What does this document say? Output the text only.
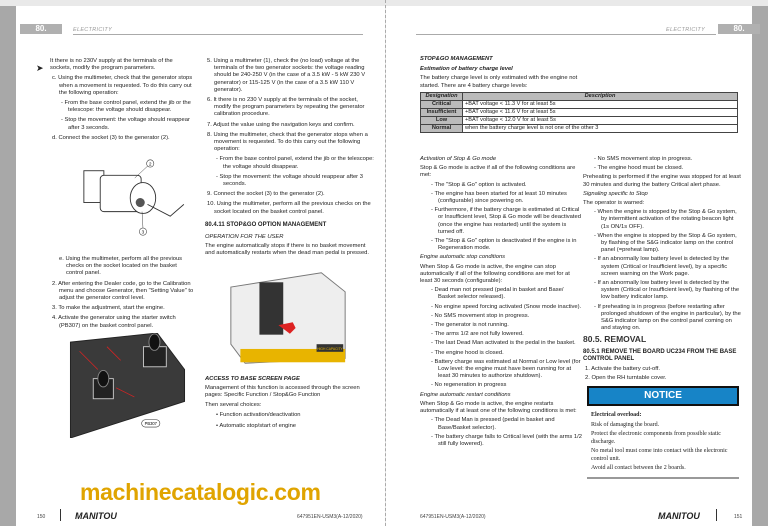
80.	ELECTRICITY

It there is no 230V supply at the terminals of the sockets, modify the program parameters.

c. Using the multimeter, check that the generator stops when a movement is requested. To do this carry out the following operation:

- From the base control panel, extend the jib or the telescope: the voltage should disappear.

- Stop the movement: the voltage should reappear after 3 seconds.

d. Connect the socket (3) to the generator (2).

2
3

e. Using the multimeter, perform all the previous checks on the socket located on the basket control panel.

2. After entering the Dealer code, go to the Calibration menu and choose Generator, then "Setting Value" to adjust the generator control level.

3. To make the adjustment, start the engine.

4. Activate the generator using the starter switch (PB307) on the basket control panel.

PB307

5. Using a multimeter (1), check the (no load) voltage at the terminals of the two generator sockets: the voltage reading should be 240-250 V (in the case of a 3.5 kW - 5 kW 230 V generator) or 115-125 V (in the case of a 3.5 kW 110 V generator).

6. It there is no 230 V supply at the terminals of the socket, modify the program parameters by repeating the generator calibration procedure.

7. Adjust the value using the navigation keys and confirm.

8. Using the multimeter, check that the generator stops when a movement is requested. To do this carry out the following operation:

- From the base control panel, extend the jib or the telescope: the voltage should disappear.

- Stop the movement: the voltage should reappear after 3 seconds.

9. Connect the socket (3) to the generator (2).

10. Using the multimeter, perform all the previous checks on the socket located on the basket control panel.

80.4.11 STOP&GO OPTION MANAGEMENT
OPERATION FOR THE USER

The engine automatically stops if there is no basket movement and automatically restarts when the dead man pedal is pressed.

HIGH CAPACITY
ACCESS TO BASE SCREEN PAGE

Management of this function is accessed through the screen pages: Specific Function / Stop&Go Function

Then several choices:

• Function activation/deactivation

• Automatic stop/start of engine

150	MANITOU	647951EN-USM3(A-12/2020)
➤
ELECTRICITY	80.
STOP&GO MANAGEMENT
Estimation of battery charge level

The battery charge level is only estimated with the engine not started. There are 4 battery charge levels:

Designation	Description
Critical	+BAT voltage < 11.3 V for at least 5s
Insufficient	+BAT voltage < 11.6 V for at least 5s
Low	+BAT voltage < 12.0 V for at least 5s
Normal	when the battery charge level is not one of the other 3
Activation of Stop & Go mode

Stop & Go mode is active if all of the following conditions are met:

- The "Stop & Go" option is activated.

- The engine has been started for at least 10 minutes (configurable) since powering on.

- Furthermore, if the battery charge is estimated at Critical or Insufficient level, Stop & Go mode will be deactivated (once the engine has restarted) until the system is turned off.

- The "Stop & Go" option is deactivated if the engine is in Regeneration mode.

Engine automatic stop conditions

When Stop & Go mode is active, the engine can stop automatically if all of the following conditions are met for at least 30 seconds (configurable):

- Dead man not pressed (pedal in basket and Base/ Basket selector released).

- No engine speed forcing activated (Snow mode inactive).

- No SMS movement stop in progress.

- The generator is not running.

- The arms 1/2 are not fully lowered.

- The last Dead Man activated is the pedal in the basket.

- The engine hood is closed.

- Battery charge was estimated at Normal or Low level (for Low level: the engine must have been running for at least 30 minutes to authorize shutdown).

- No regeneration in progress

Engine automatic restart conditions

When Stop & Go mode is active, the engine restarts automatically if at least one of the following conditions is met:

- The Dead Man is pressed (pedal in basket and Base/Basket selector).

- The battery charge falls to Critical level (with the arms 1/2 still fully lowered).

- No SMS movement stop in progress.

- The engine hood must be closed.

Preheating is performed if the engine was stopped for at least 30 minutes and during the battery Critical alert phase.

Signaling specific to Stop

The operator is warned:

- When the engine is stopped by the Stop & Go system, by intermittent activation of the rotating beacon light (1s ON/1s OFF).

- When the engine is stopped by the Stop & Go system, by flashing of the S&G indicator lamp on the control panel (=preheat lamp).

- If an abnormally low battery level is detected by the system (Critical or Insufficient level), by a specific screen warning on the Work page.

- If an abnormally low battery level is detected by the system (Critical or Insufficient level), by flashing of the low battery indicator lamp.

- If preheating is in progress (before restarting after prolonged shutdown of the engine in particular), by the S&G indicator lamp on the control panel coming on and staying on.

80.5. REMOVAL
80.5.1 REMOVE THE BOARD UC234 FROM THE BASE CONTROL PANEL

1. Activate the battery cut-off.

2. Open the RH turntable cover.

NOTICE

Electrical overload:

Risk of damaging the board.

Protect the electronic components from possible static discharge.

No metal tool must come into contact with the electronic control unit.

Avoid all contact between the 2 boards.

647951EN-USM3(A-12/2020)	MANITOU	151
machinecatalogic.com
